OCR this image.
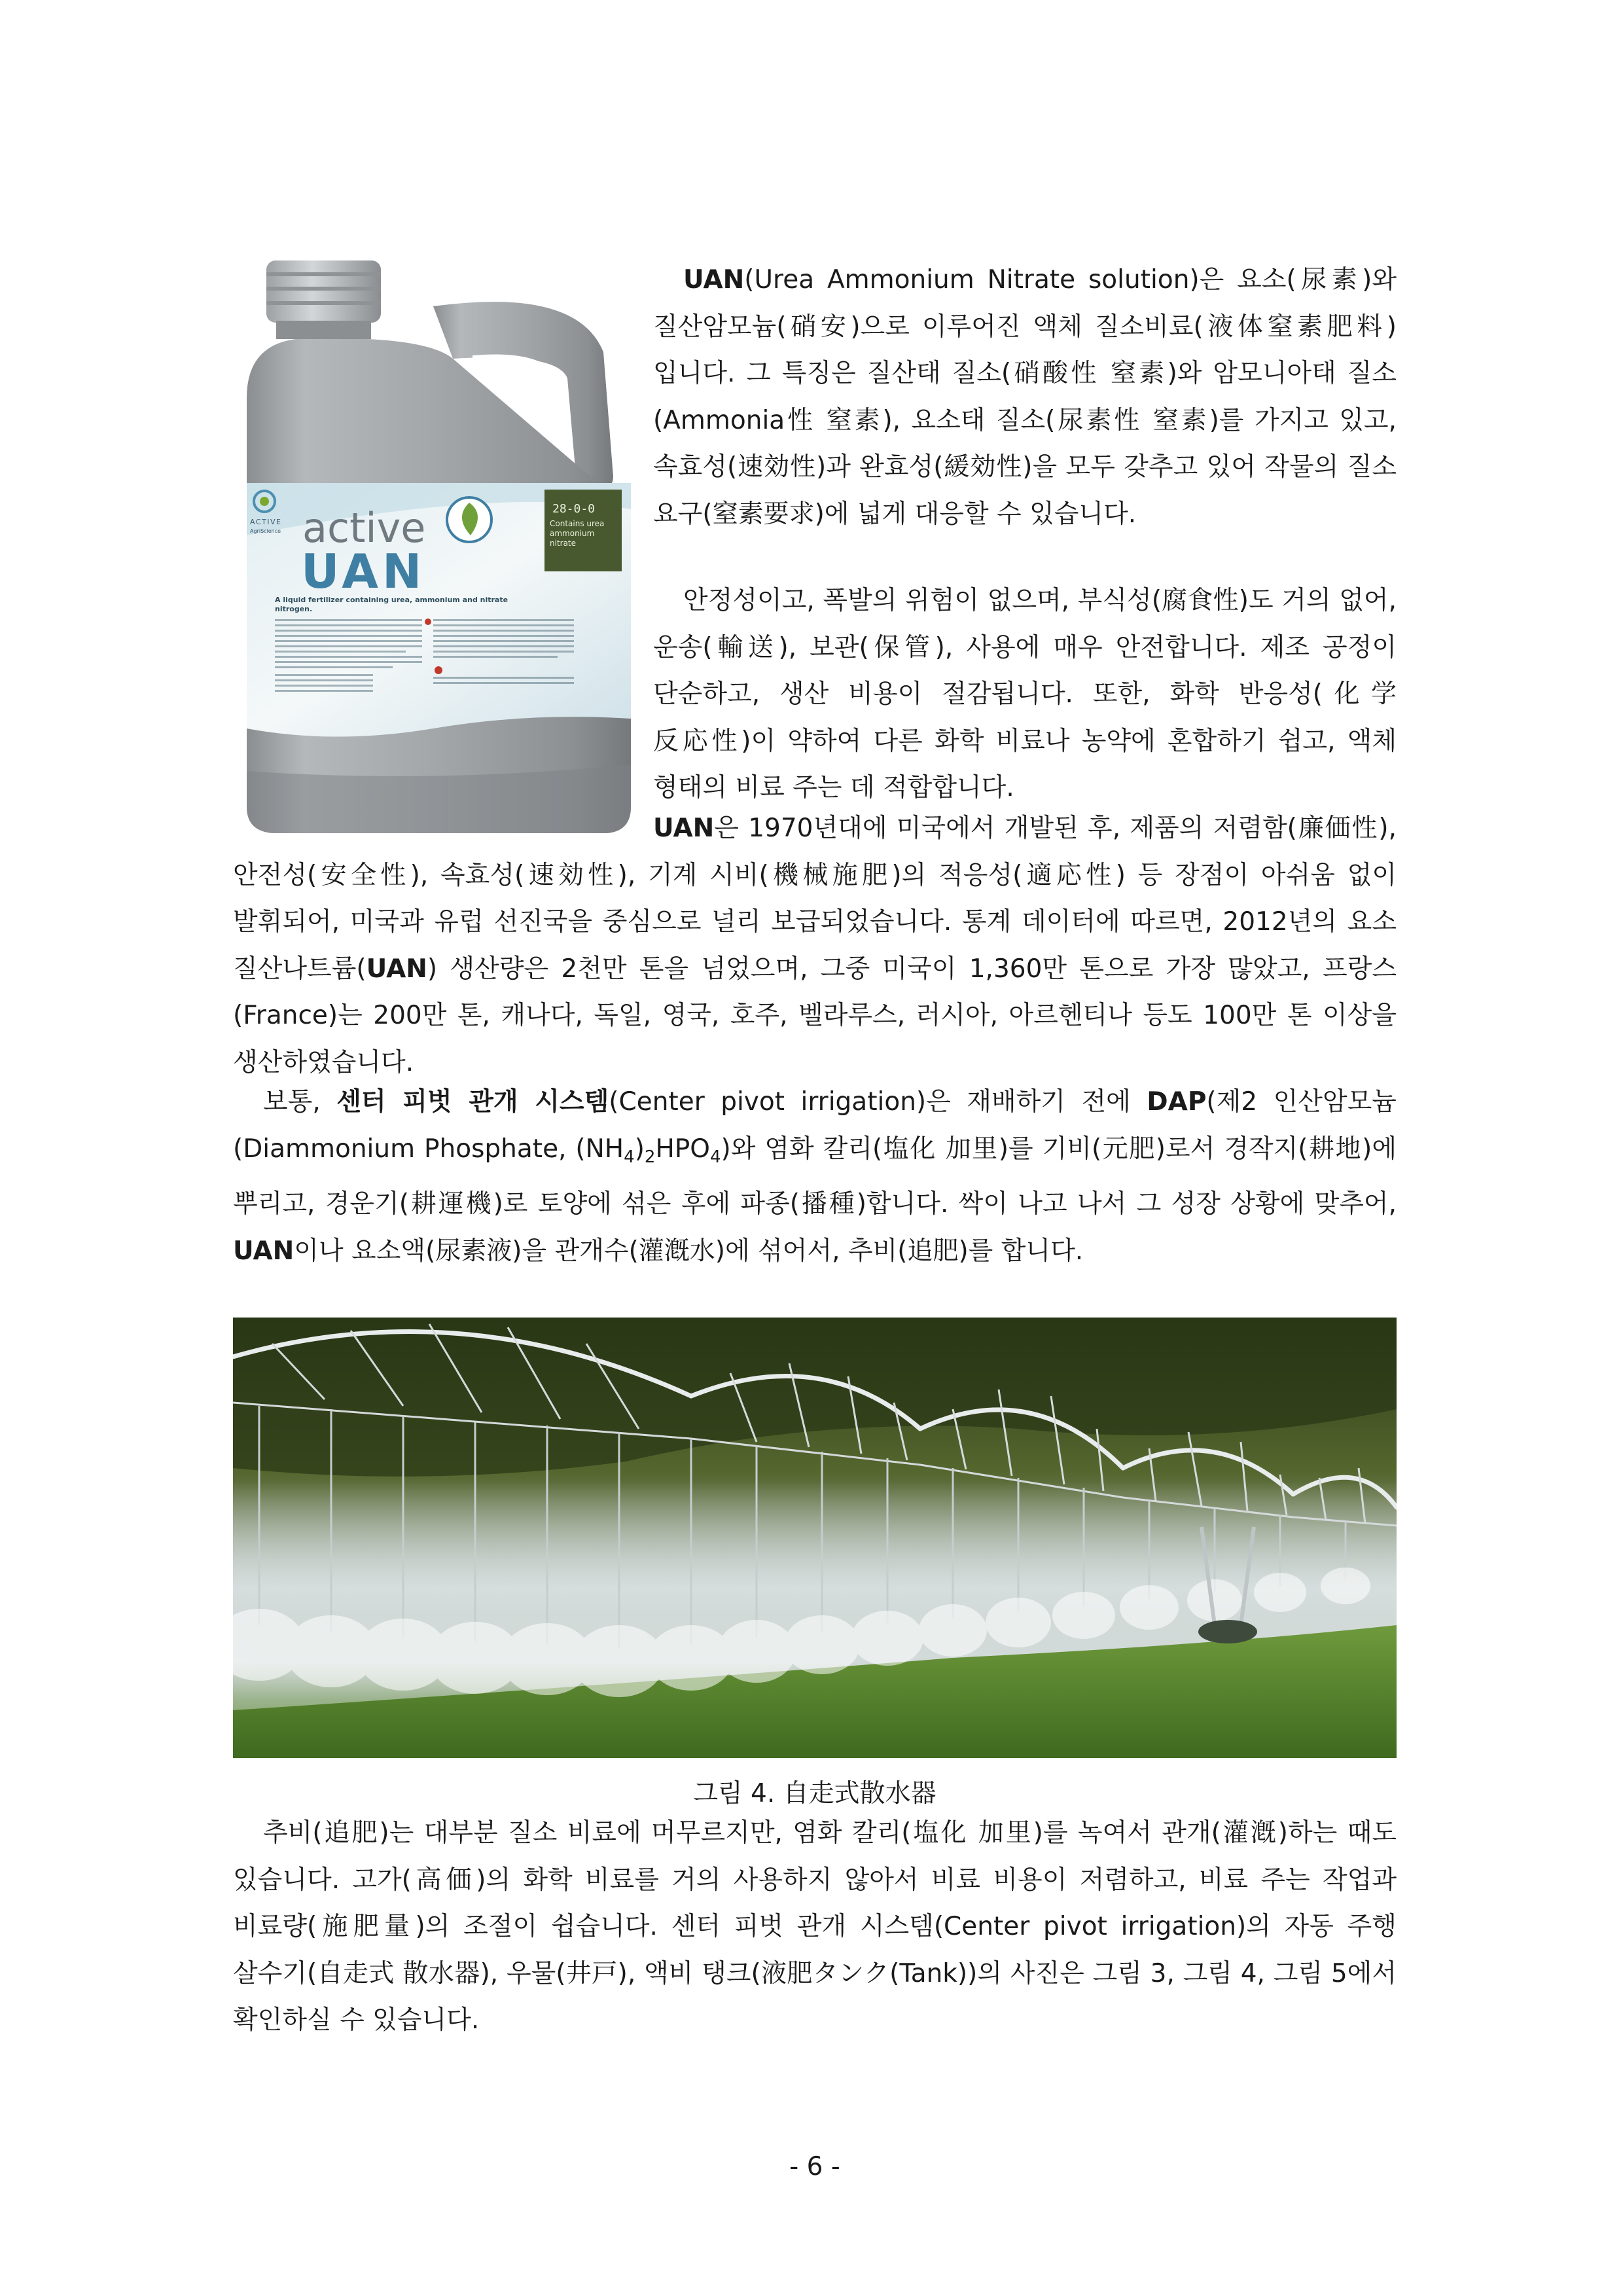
28-0-0
Contains urea ammonium nitrate
ACTIVE
AgriScience active
UAN
A liquid fertilizer containing urea, ammonium and nitrate nitrogen.

UAN(Urea Ammonium Nitrate solution)은 요소(尿素)와 질산암모늄(硝安)으로 이루어진 액체 질소비료(液体窒素肥料)입니다. 그 특징은 질산태 질소(硝酸性 窒素)와 암모니아태 질소(Ammonia性 窒素), 요소태 질소(尿素性 窒素)를 가지고 있고, 속효성(速効性)과 완효성(緩効性)을 모두 갖추고 있어 작물의 질소 요구(窒素要求)에 넓게 대응할 수 있습니다.

안정성이고, 폭발의 위험이 없으며, 부식성(腐食性)도 거의 없어, 운송(輸送), 보관(保管), 사용에 매우 안전합니다. 제조 공정이 단순하고, 생산 비용이 절감됩니다. 또한, 화학 반응성(化学 反応性)이 약하여 다른 화학 비료나 농약에 혼합하기 쉽고, 액체 형태의 비료 주는 데 적합합니다.

UAN은 1970년대에 미국에서 개발된 후, 제품의 저렴함(廉価性), 안전성(安全性), 속효성(速効性), 기계 시비(機械施肥)의 적응성(適応性) 등 장점이 아쉬움 없이 발휘되어, 미국과 유럽 선진국을 중심으로 널리 보급되었습니다. 통계 데이터에 따르면, 2012년의 요소 질산나트륨(UAN) 생산량은 2천만 톤을 넘었으며, 그중 미국이 1,360만 톤으로 가장 많았고, 프랑스(France)는 200만 톤, 캐나다, 독일, 영국, 호주, 벨라루스, 러시아, 아르헨티나 등도 100만 톤 이상을 생산하였습니다.

보통, 센터 피벗 관개 시스템(Center pivot irrigation)은 재배하기 전에 DAP(제2 인산암모늄(Diammonium Phosphate, $(NH_4)_2HPO_4$)와 염화 칼리(塩化 加里)를 기비(元肥)로서 경작지(耕地)에 뿌리고, 경운기(耕運機)로 토양에 섞은 후에 파종(播種)합니다. 싹이 나고 나서 그 성장 상황에 맞추어, UAN이나 요소액(尿素液)을 관개수(灌漑水)에 섞어서, 추비(追肥)를 합니다.

그림 4. 自走式散水器

추비(追肥)는 대부분 질소 비료에 머무르지만, 염화 칼리(塩化 加里)를 녹여서 관개(灌漑)하는 때도 있습니다. 고가(高価)의 화학 비료를 거의 사용하지 않아서 비료 비용이 저렴하고, 비료 주는 작업과 비료량(施肥量)의 조절이 쉽습니다. 센터 피벗 관개 시스템(Center pivot irrigation)의 자동 주행 살수기(自走式 散水器), 우물(井戸), 액비 탱크(液肥タンク(Tank))의 사진은 그림 3, 그림 4, 그림 5에서 확인하실 수 있습니다.

- 6 -
